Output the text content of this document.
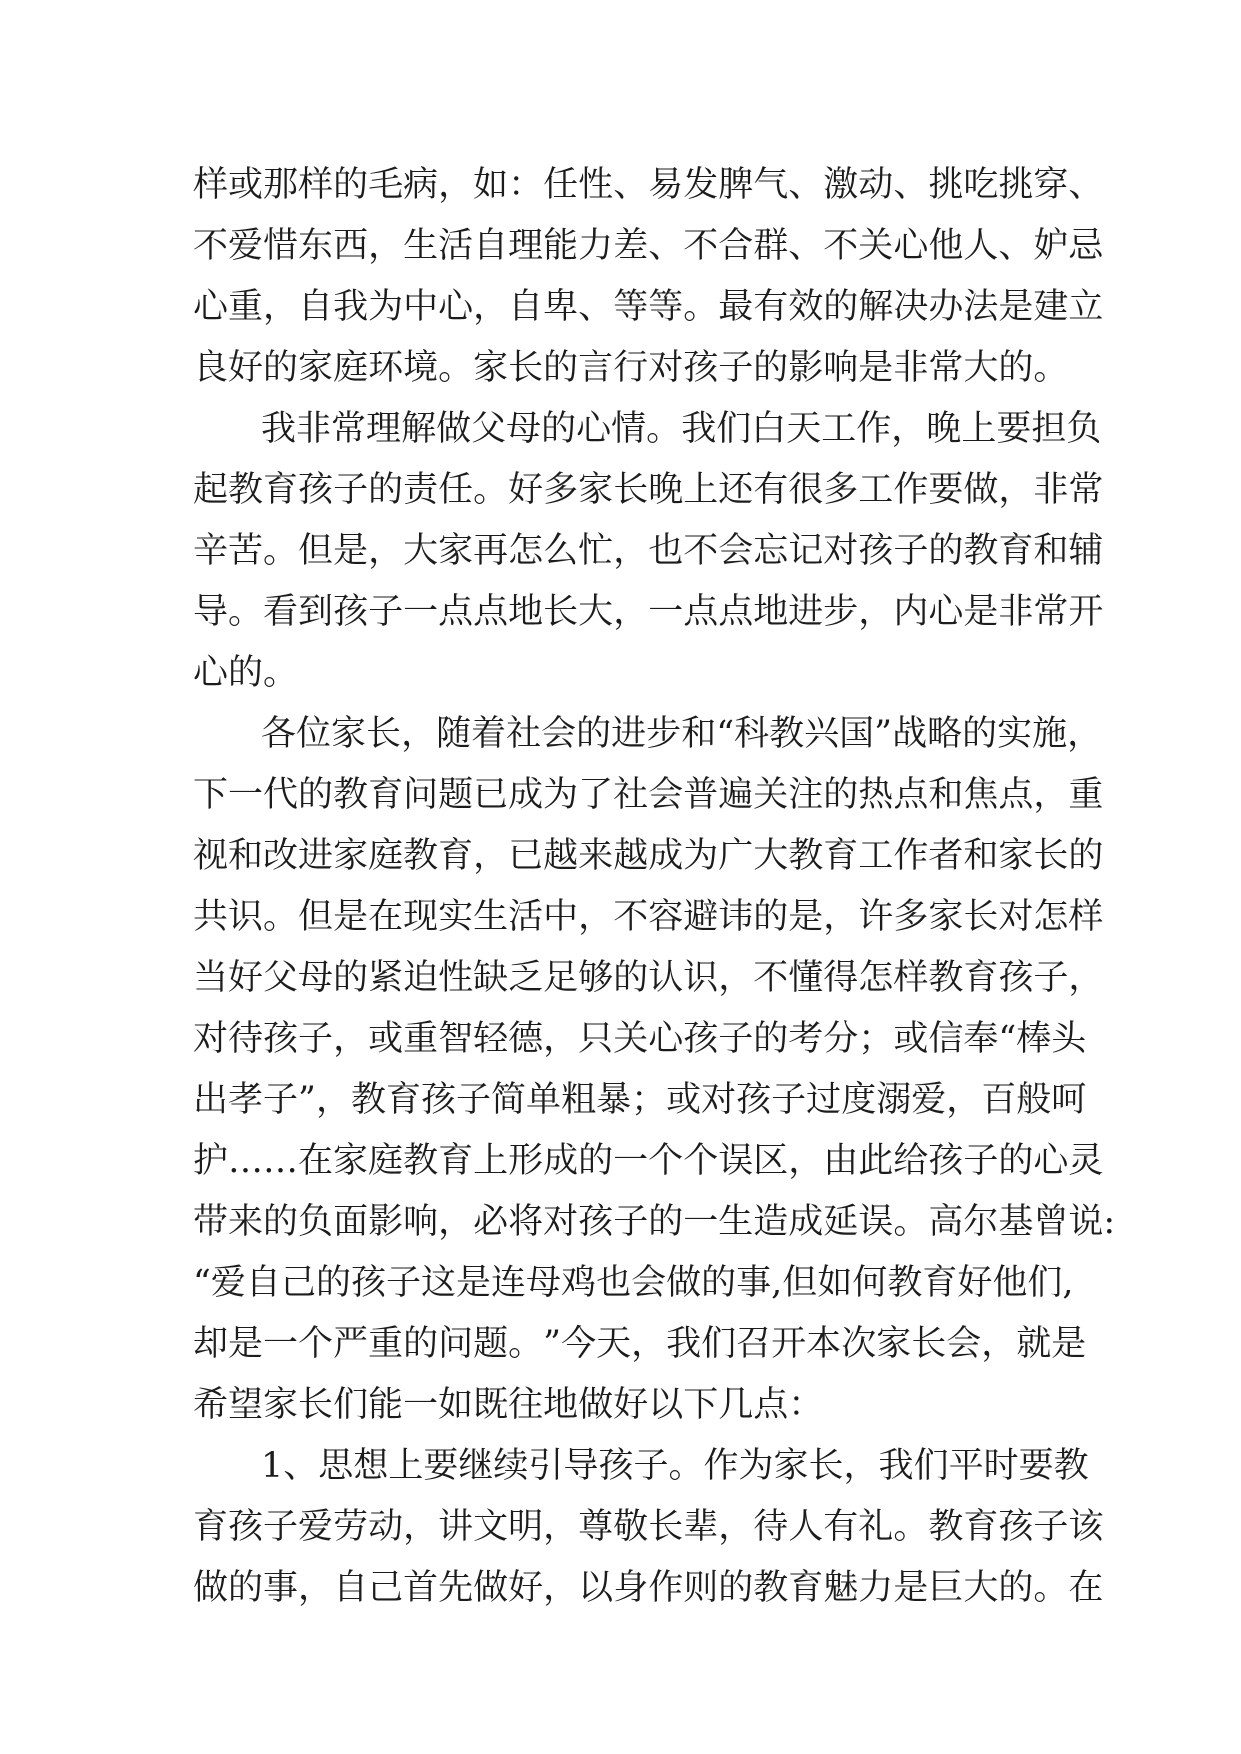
样 或 那 样 的 毛 病 ， 如 ： 任 性 、 易 发 脾 气 、 激 动 、 挑 吃 挑 穿 、
不 爱 惜 东 西 ， 生 活 自 理 能 力 差 、 不 合 群 、 不 关 心 他 人 、 妒 忌
心 重 ， 自 我 为 中 心 ， 自 卑 、 等 等 。 最 有 效 的 解 决 办 法 是 建 立
良 好 的 家 庭 环 境 。 家 长 的 言 行 对 孩 子 的 影 响 是 非 常 大 的 。
我 非 常 理 解 做 父 母 的 心 情 。 我 们 白 天 工 作 ， 晚 上 要 担 负
起 教 育 孩 子 的 责 任 。 好 多 家 长 晚 上 还 有 很 多 工 作 要 做 ， 非 常
辛 苦 。 但 是 ， 大 家 再 怎 么 忙 ， 也 不 会 忘 记 对 孩 子 的 教 育 和 辅
导 。 看 到 孩 子 一 点 点 地 长 大 ， 一 点 点 地 进 步 ， 内 心 是 非 常 开
心 的 。
各 位 家 长 ， 随 着 社 会 的 进 步 和 “ 科 教 兴 国 ” 战 略 的 实 施 ，
下 一 代 的 教 育 问 题 已 成 为 了 社 会 普 遍 关 注 的 热 点 和 焦 点 ， 重
视 和 改 进 家 庭 教 育 ， 已 越 来 越 成 为 广 大 教 育 工 作 者 和 家 长 的
共 识 。 但 是 在 现 实 生 活 中 ， 不 容 避 讳 的 是 ， 许 多 家 长 对 怎 样
当 好 父 母 的 紧 迫 性 缺 乏 足 够 的 认 识 ， 不 懂 得 怎 样 教 育 孩 子 ，
对 待 孩 子 ， 或 重 智 轻 德 ， 只 关 心 孩 子 的 考 分 ； 或 信 奉 “ 棒 头
出 孝 子 ” ， 教 育 孩 子 简 单 粗 暴 ； 或 对 孩 子 过 度 溺 爱 ， 百 般 呵
护 … … 在 家 庭 教 育 上 形 成 的 一 个 个 误 区 ， 由 此 给 孩 子 的 心 灵
带 来 的 负 面 影 响 ， 必 将 对 孩 子 的 一 生 造 成 延 误 。 高 尔 基 曾 说 :
“ 爱 自 己 的 孩 子 这 是 连 母 鸡 也 会 做 的 事 , 但 如 何 教 育 好 他 们 ,
却 是 一 个 严 重 的 问 题 。 ” 今 天 ， 我 们 召 开 本 次 家 长 会 ， 就 是
希 望 家 长 们 能 一 如 既 往 地 做 好 以 下 几 点 ：
1 、 思 想 上 要 继 续 引 导 孩 子 。 作 为 家 长 ， 我 们 平 时 要 教
育 孩 子 爱 劳 动 ， 讲 文 明 ， 尊 敬 长 辈 ， 待 人 有 礼 。 教 育 孩 子 该
做 的 事 ， 自 己 首 先 做 好 ， 以 身 作 则 的 教 育 魅 力 是 巨 大 的 。 在
